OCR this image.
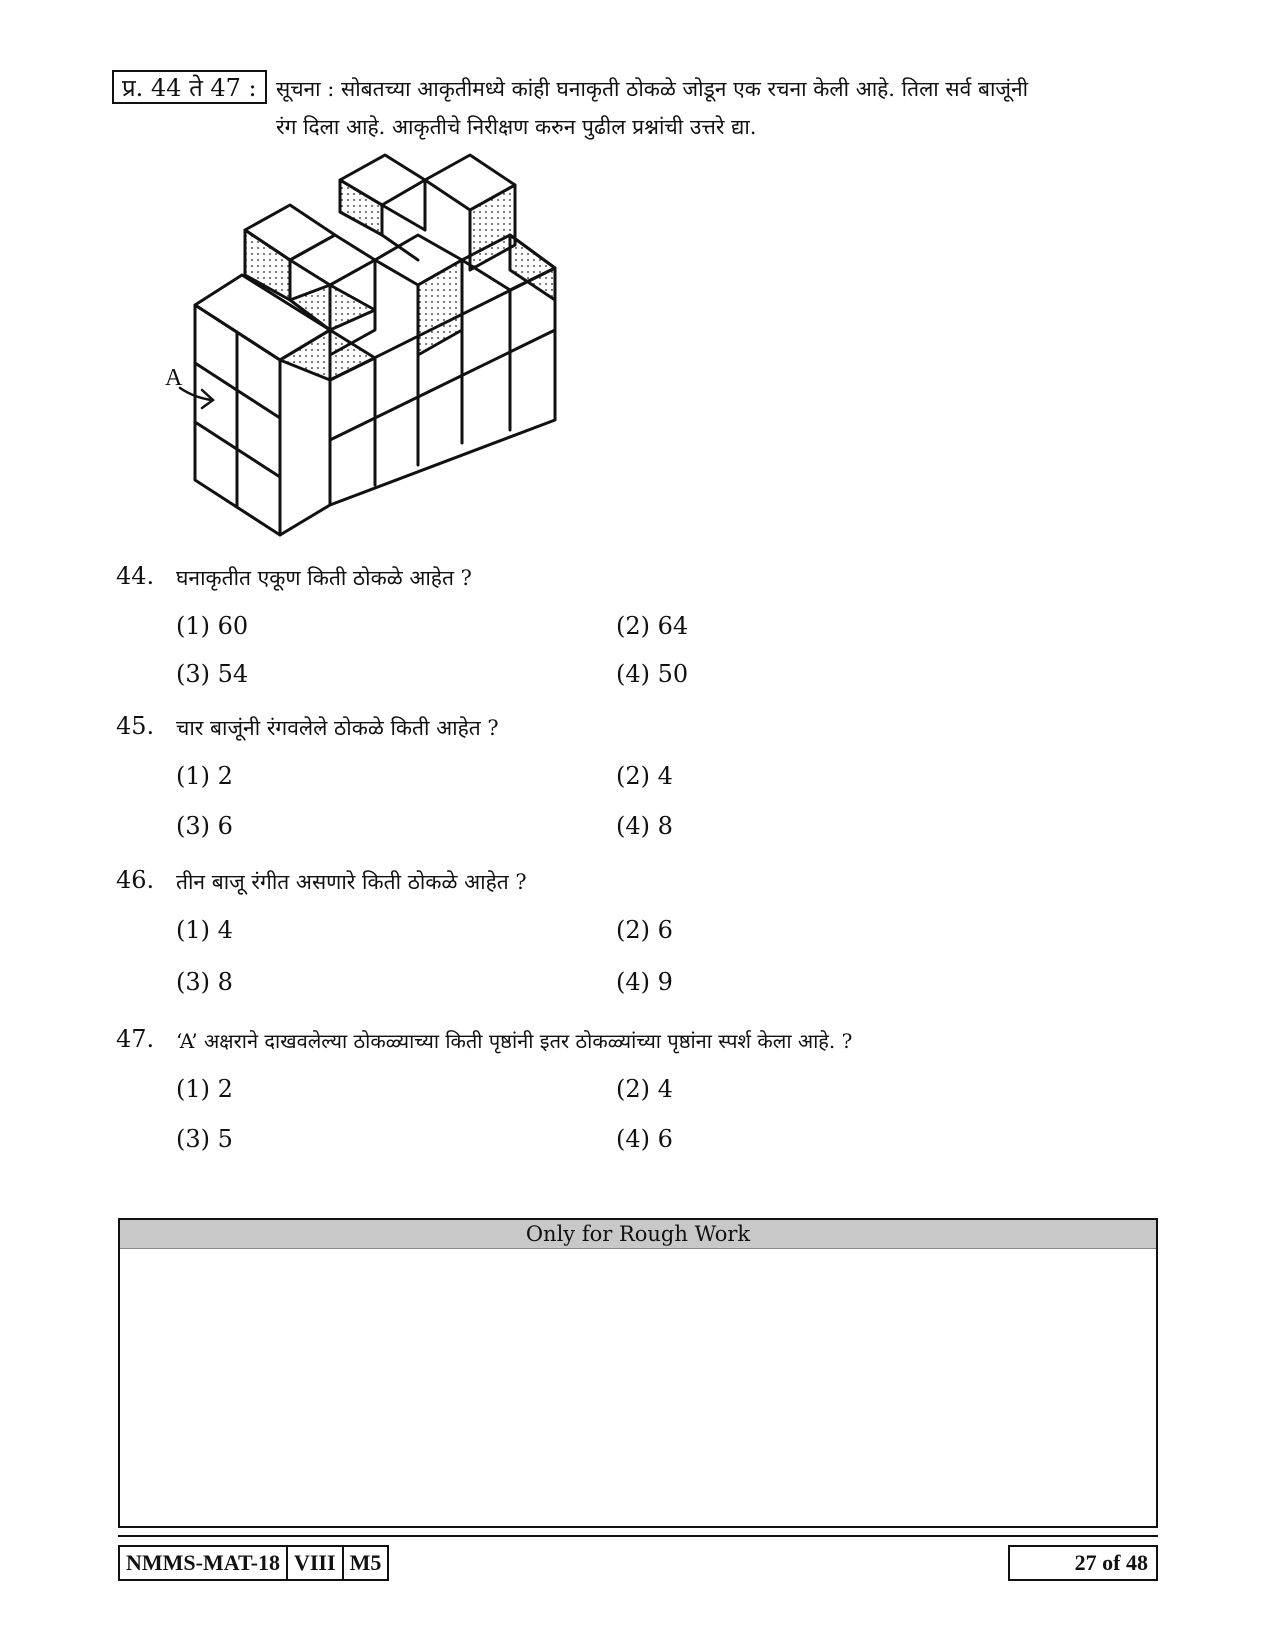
प्र. 44 ते 47 : सूचना : सोबतच्या आकृतीमध्ये कांही घनाकृती ठोकळे जोडून एक रचना केली आहे. तिला सर्व बाजूंनी
रंग दिला आहे. आकृतीचे निरीक्षण करुन पुढील प्रश्नांची उत्तरे द्या.
A
44. घनाकृतीत एकूण किती ठोकळे आहेत ?
(1) 60	(2) 64
(3) 54	(4) 50
45. चार बाजूंनी रंगवलेले ठोकळे किती आहेत ?
(1) 2	(2) 4
(3) 6	(4) 8
46. तीन बाजू रंगीत असणारे किती ठोकळे आहेत ?
(1) 4	(2) 6
(3) 8	(4) 9
47. ‘A’ अक्षराने दाखवलेल्या ठोकळ्याच्या किती पृष्ठांनी इतर ठोकळ्यांच्या पृष्ठांना स्पर्श केला आहे. ?
(1) 2	(2) 4
(3) 5	(4) 6
Only for Rough Work
NMMS-MAT-18 VIII M5	27 of 48
